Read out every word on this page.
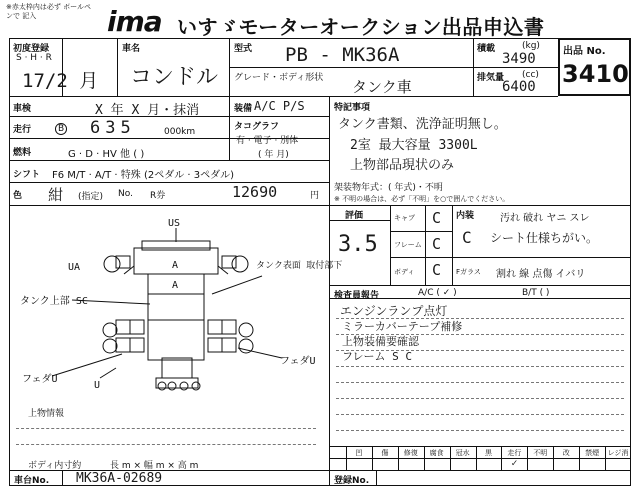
※赤太枠内は必ず ボールペンで 記入	ima いすゞモーターオークション出品申込書
出品 No.
3410
初度登録
S · H · R
17/2 月
車名
コンドル
型式 PB - MK36A
グレード・ボディ形状 タンク車
積載	(kg)
3490
排気量 (cc)
6400
車検	X 年 X 月・抹消	装備 A/C P/S
走行	B 635	000km	タコグラフ
有 · 電子 · 別体
( 年 月)
燃料	G · D · HV 他 ( )
シフト F6 M/T · A/T · 特殊 (2ペダル · 3ペダル)
色 紺 (指定) No. R券	12690	円
特記事項
タンク書類、洗浄証明無し。
2室 最大容量 3300L
上物部品現状のみ
架装物年式：( 年式)・不明
※ 不明の場合は、必ず「不明」を○で囲んでください。
評価
3.5
キャブ C
フレーム C
ボディ C
内装
C
汚れ 破れ ヤニ スレ
シート仕様ちがい。
Fガラス 割れ 線 点傷 イバリ
検査員報告	A/C ( ✓ )	B/T ( )
エンジンランプ点灯
ミラーカバーテープ補修
上物装備要確認
フレーム S C
US
UA
タンク上部 SC
タンク表面 取付部下
フェダU
フェダU
U
A
A
上物情報
ボディ内寸約	長 m × 幅 m × 高 m
凹	傷	修復	腐食	冠水	黒	走行
✓
不明	改	禁煙	レジ消
車台No. MK36A-02689	登録No.
